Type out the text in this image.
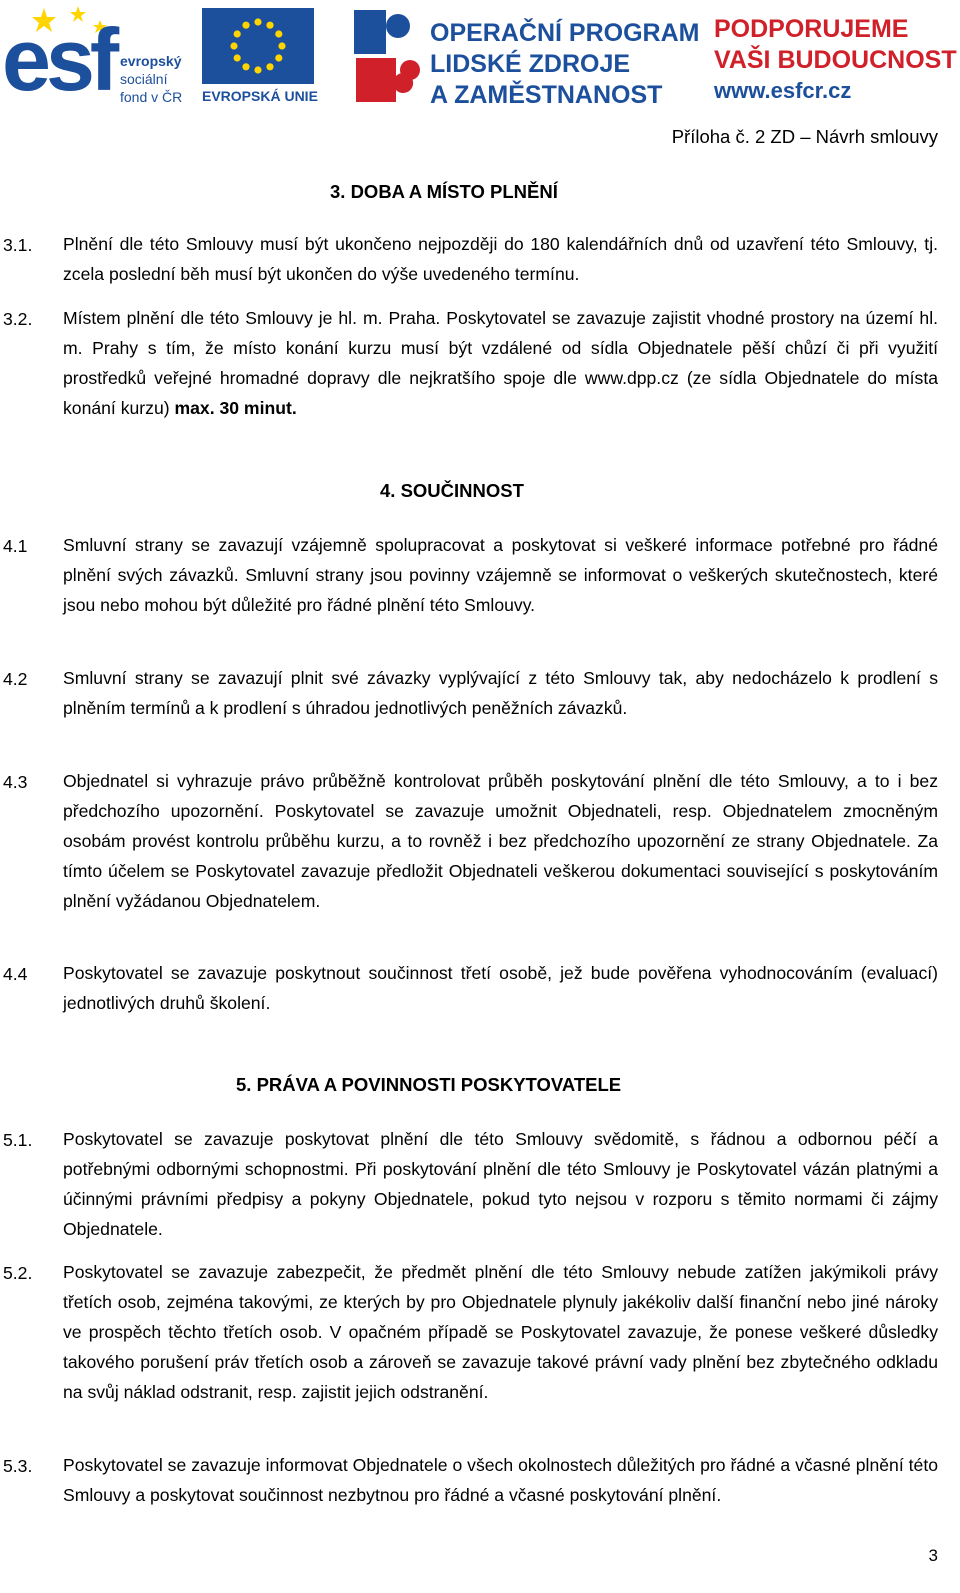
esf evropský
sociální
fond v ČR EVROPSKÁ UNIE
OPERAČNÍ PROGRAM
LIDSKÉ ZDROJE
A ZAMĚSTNANOST
PODPORUJEME
VAŠI BUDOUCNOST
www.esfcr.cz
Příloha č. 2 ZD – Návrh smlouvy
3. DOBA A MÍSTO PLNĚNÍ
3.1. Plnění dle této Smlouvy musí být ukončeno nejpozději do 180 kalendářních dnů od uzavření této Smlouvy, tj. zcela poslední běh musí být ukončen do výše uvedeného termínu.
3.2. Místem plnění dle této Smlouvy je hl. m. Praha. Poskytovatel se zavazuje zajistit vhodné prostory na území hl. m. Prahy s tím, že místo konání kurzu musí být vzdálené od sídla Objednatele pěší chůzí či při využití prostředků veřejné hromadné dopravy dle nejkratšího spoje dle www.dpp.cz (ze sídla Objednatele do místa konání kurzu) max. 30 minut.
4. SOUČINNOST
4.1 Smluvní strany se zavazují vzájemně spolupracovat a poskytovat si veškeré informace potřebné pro řádné plnění svých závazků. Smluvní strany jsou povinny vzájemně se informovat o veškerých skutečnostech, které jsou nebo mohou být důležité pro řádné plnění této Smlouvy.
4.2 Smluvní strany se zavazují plnit své závazky vyplývající z této Smlouvy tak, aby nedocházelo k prodlení s plněním termínů a k prodlení s úhradou jednotlivých peněžních závazků.
4.3 Objednatel si vyhrazuje právo průběžně kontrolovat průběh poskytování plnění dle této Smlouvy, a to i bez předchozího upozornění. Poskytovatel se zavazuje umožnit Objednateli, resp. Objednatelem zmocněným osobám provést kontrolu průběhu kurzu, a to rovněž i bez předchozího upozornění ze strany Objednatele. Za tímto účelem se Poskytovatel zavazuje předložit Objednateli veškerou dokumentaci související s poskytováním plnění vyžádanou Objednatelem.
4.4 Poskytovatel se zavazuje poskytnout součinnost třetí osobě, jež bude pověřena vyhodnocováním (evaluací) jednotlivých druhů školení.
5. PRÁVA A POVINNOSTI POSKYTOVATELE
5.1. Poskytovatel se zavazuje poskytovat plnění dle této Smlouvy svědomitě, s řádnou a odbornou péčí a potřebnými odbornými schopnostmi. Při poskytování plnění dle této Smlouvy je Poskytovatel vázán platnými a účinnými právními předpisy a pokyny Objednatele, pokud tyto nejsou v rozporu s těmito normami či zájmy Objednatele.
5.2. Poskytovatel se zavazuje zabezpečit, že předmět plnění dle této Smlouvy nebude zatížen jakýmikoli právy třetích osob, zejména takovými, ze kterých by pro Objednatele plynuly jakékoliv další finanční nebo jiné nároky ve prospěch těchto třetích osob. V opačném případě se Poskytovatel zavazuje, že ponese veškeré důsledky takového porušení práv třetích osob a zároveň se zavazuje takové právní vady plnění bez zbytečného odkladu na svůj náklad odstranit, resp. zajistit jejich odstranění.
5.3. Poskytovatel se zavazuje informovat Objednatele o všech okolnostech důležitých pro řádné a včasné plnění této Smlouvy a poskytovat součinnost nezbytnou pro řádné a včasné poskytování plnění.
3
